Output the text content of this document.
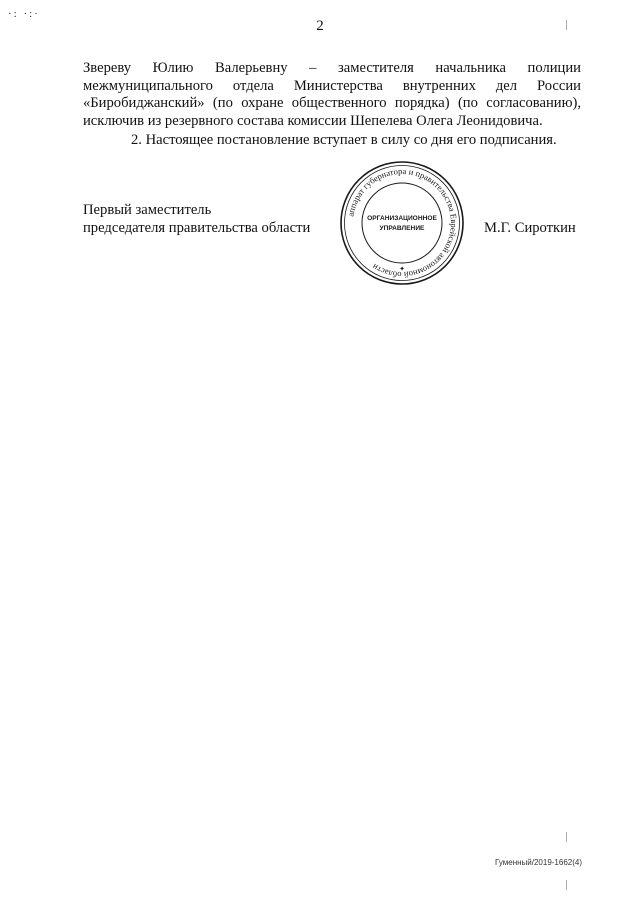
·: ·:·
2

Звереву Юлию Валерьевну – заместителя начальника полиции межмуниципального отдела Министерства внутренних дел России «Биробиджанский» (по охране общественного порядка) (по согласованию), исключив из резервного состава комиссии Шепелева Олега Леонидовича.

2. Настоящее постановление вступает в силу со дня его подписания.

Первый заместитель
председателя правительства области
аппарат губернатора и правительства Еврейской автономной области
ОРГАНИЗАЦИОННОЕ
УПРАВЛЕНИЕ
✦
М.Г. Сироткин
Гуменный/2019-1662(4)
